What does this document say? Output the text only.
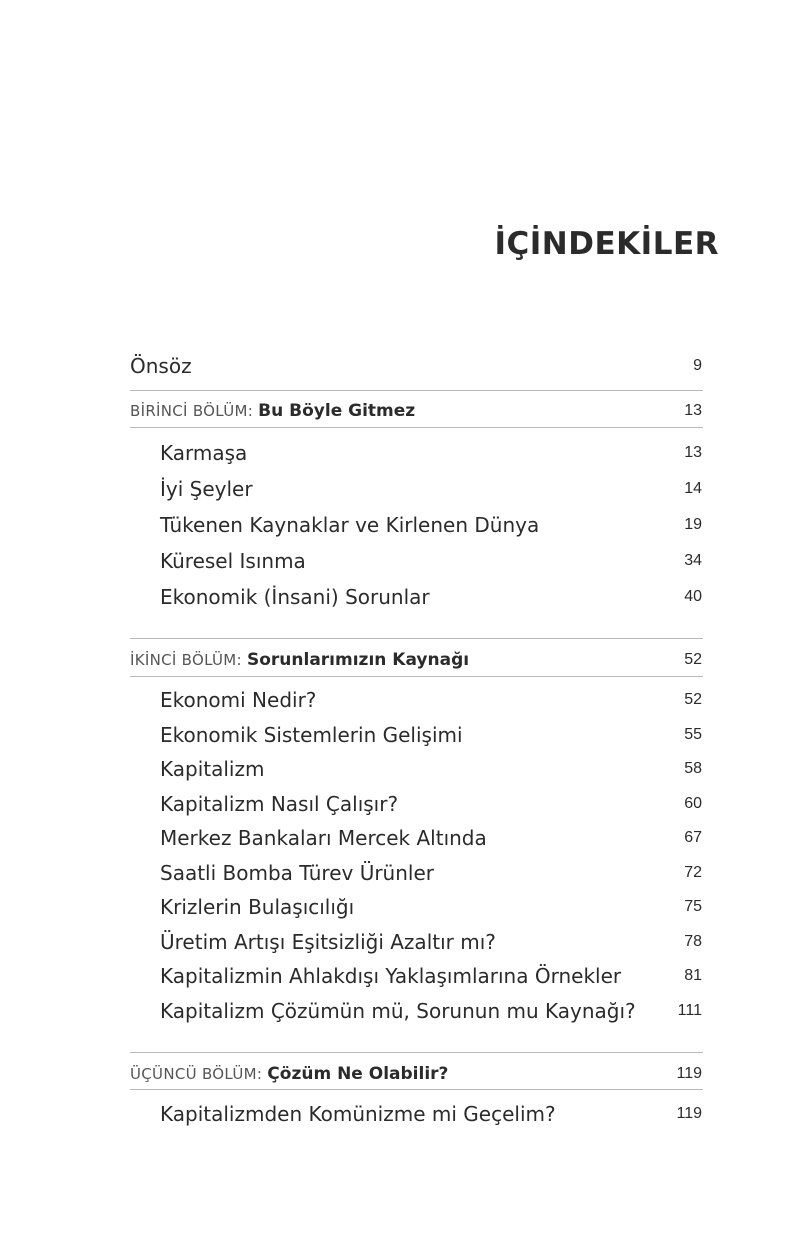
İÇİNDEKİLER
Önsöz	9
BİRİNCİ BÖLÜM: Bu Böyle Gitmez	13
Karmaşa	13
İyi Şeyler	14
Tükenen Kaynaklar ve Kirlenen Dünya	19
Küresel Isınma	34
Ekonomik (İnsani) Sorunlar	40
İKİNCİ BÖLÜM: Sorunlarımızın Kaynağı	52
Ekonomi Nedir?	52
Ekonomik Sistemlerin Gelişimi	55
Kapitalizm	58
Kapitalizm Nasıl Çalışır?	60
Merkez Bankaları Mercek Altında	67
Saatli Bomba Türev Ürünler	72
Krizlerin Bulaşıcılığı	75
Üretim Artışı Eşitsizliği Azaltır mı?	78
Kapitalizmin Ahlakdışı Yaklaşımlarına Örnekler	81
Kapitalizm Çözümün mü, Sorunun mu Kaynağı?	111
ÜÇÜNCÜ BÖLÜM: Çözüm Ne Olabilir?	119
Kapitalizmden Komünizme mi Geçelim?	119
